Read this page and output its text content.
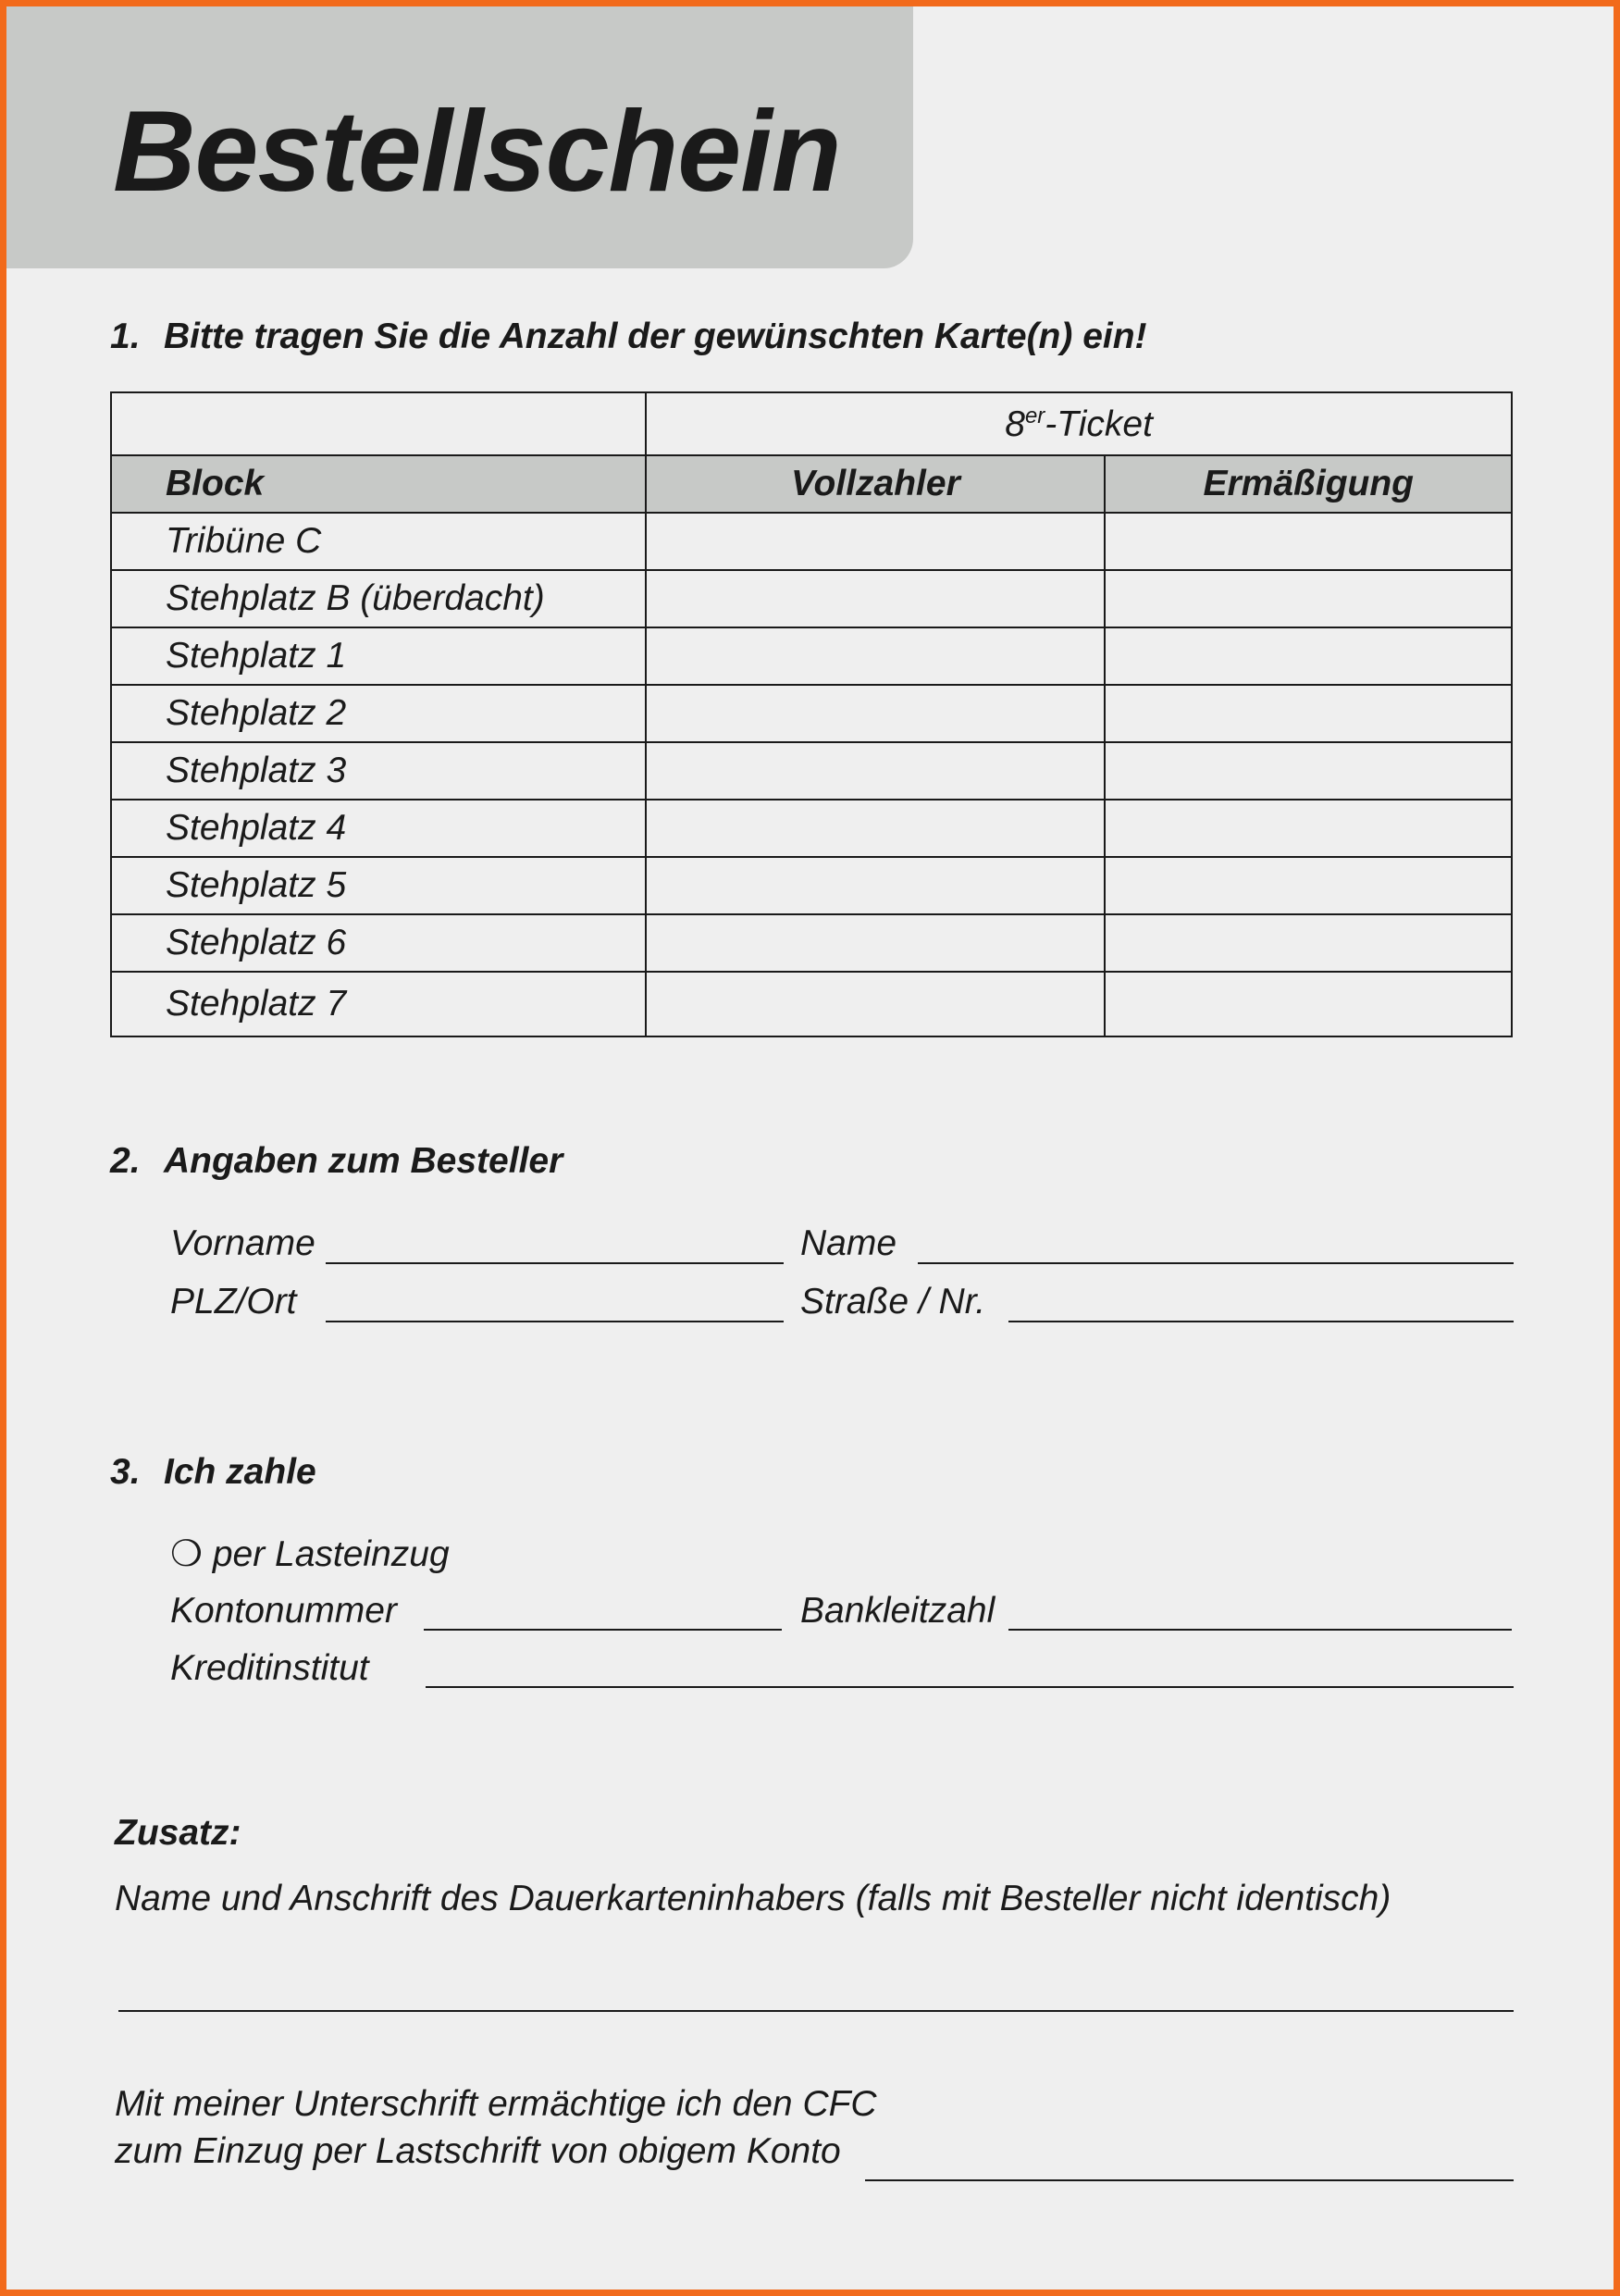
Bestellschein
1. Bitte tragen Sie die Anzahl der gewünschten Karte(n) ein!
	8er-Ticket	
Block	Vollzahler	Ermäßigung
Tribüne C		
Stehplatz B (überdacht)		
Stehplatz 1		
Stehplatz 2		
Stehplatz 3		
Stehplatz 4		
Stehplatz 5		
Stehplatz 6		
Stehplatz 7		
2. Angaben zum Besteller
Vorname	Name
PLZ/Ort	Straße / Nr.
3. Ich zahle
❍ per Lasteinzug
Kontonummer	Bankleitzahl
Kreditinstitut
Zusatz:
Name und Anschrift des Dauerkarteninhabers (falls mit Besteller nicht identisch)
Mit meiner Unterschrift ermächtige ich den CFC
zum Einzug per Lastschrift von obigem Konto
